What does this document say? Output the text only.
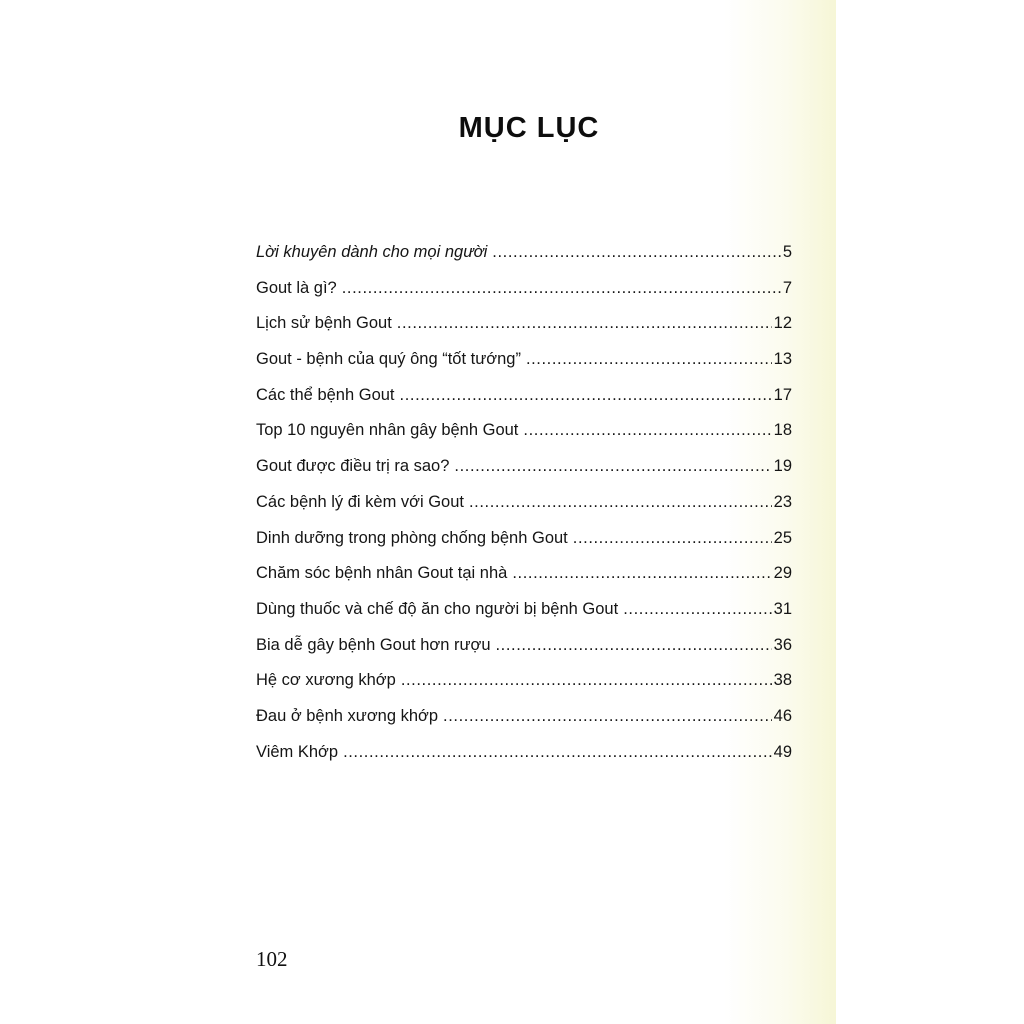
MỤC LỤC
Lời khuyên dành cho mọi người .....	5
Gout là gì? .....	7
Lịch sử bệnh Gout .....	12
Gout - bệnh của quý ông “tốt tướng” .....	13
Các thể bệnh Gout .....	17
Top 10 nguyên nhân gây bệnh Gout .....	18
Gout được điều trị ra sao? .....	19
Các bệnh lý đi kèm với Gout .....	23
Dinh dưỡng trong phòng chống bệnh Gout .....	25
Chăm sóc bệnh nhân Gout tại nhà .....	29
Dùng thuốc và chế độ ăn cho người bị bệnh Gout .....	31
Bia dễ gây bệnh Gout hơn rượu .....	36
Hệ cơ xương khớp .....	38
Đau ở bệnh xương khớp .....	46
Viêm Khớp .....	49
102
